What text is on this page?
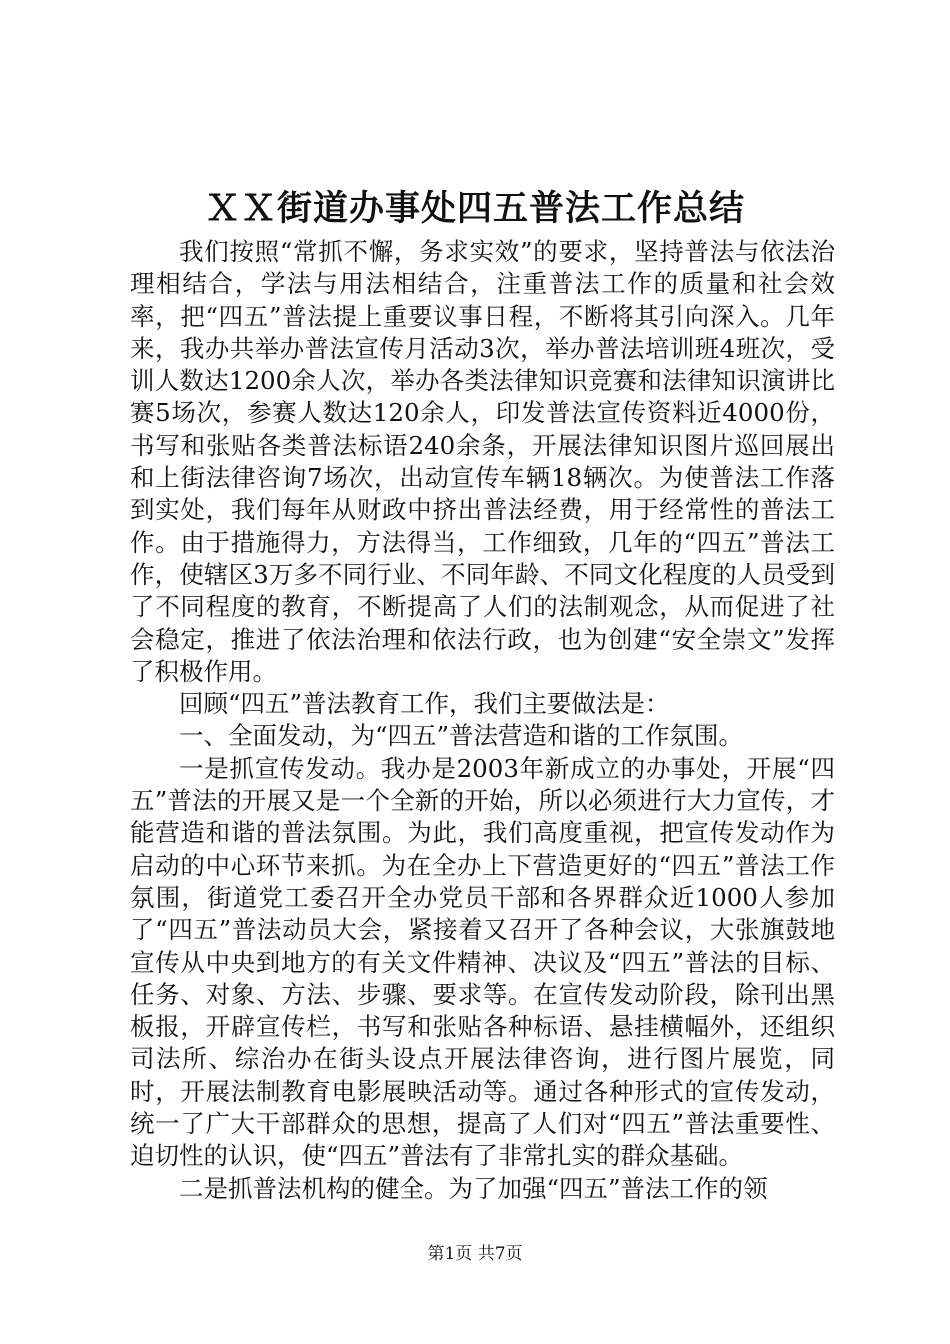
ＸＸ街道办事处四五普法工作总结

我们按照“常抓不懈，务求实效”的要求，坚持普法与依法治理相结合，学法与用法相结合，注重普法工作的质量和社会效率，把“四五”普法提上重要议事日程，不断将其引向深入。几年来，我办共举办普法宣传月活动3次，举办普法培训班4班次，受训人数达1200余人次，举办各类法律知识竞赛和法律知识演讲比赛5场次，参赛人数达120余人，印发普法宣传资料近4000份，书写和张贴各类普法标语240余条，开展法律知识图片巡回展出和上街法律咨询7场次，出动宣传车辆18辆次。为使普法工作落到实处，我们每年从财政中挤出普法经费，用于经常性的普法工作。由于措施得力，方法得当，工作细致，几年的“四五”普法工作，使辖区3万多不同行业、不同年龄、不同文化程度的人员受到了不同程度的教育，不断提高了人们的法制观念，从而促进了社会稳定，推进了依法治理和依法行政，也为创建“安全崇文”发挥了积极作用。

回顾“四五”普法教育工作，我们主要做法是：

一、全面发动，为“四五”普法营造和谐的工作氛围。

一是抓宣传发动。我办是2003年新成立的办事处，开展“四五”普法的开展又是一个全新的开始，所以必须进行大力宣传，才能营造和谐的普法氛围。为此，我们高度重视，把宣传发动作为启动的中心环节来抓。为在全办上下营造更好的“四五”普法工作氛围，街道党工委召开全办党员干部和各界群众近1000人参加了“四五”普法动员大会，紧接着又召开了各种会议，大张旗鼓地宣传从中央到地方的有关文件精神、决议及“四五”普法的目标、任务、对象、方法、步骤、要求等。在宣传发动阶段，除刊出黑板报，开辟宣传栏，书写和张贴各种标语、悬挂横幅外，还组织司法所、综治办在街头设点开展法律咨询，进行图片展览，同时，开展法制教育电影展映活动等。通过各种形式的宣传发动，统一了广大干部群众的思想，提高了人们对“四五”普法重要性、迫切性的认识，使“四五”普法有了非常扎实的群众基础。

二是抓普法机构的健全。为了加强“四五”普法工作的领

第1页 共7页
